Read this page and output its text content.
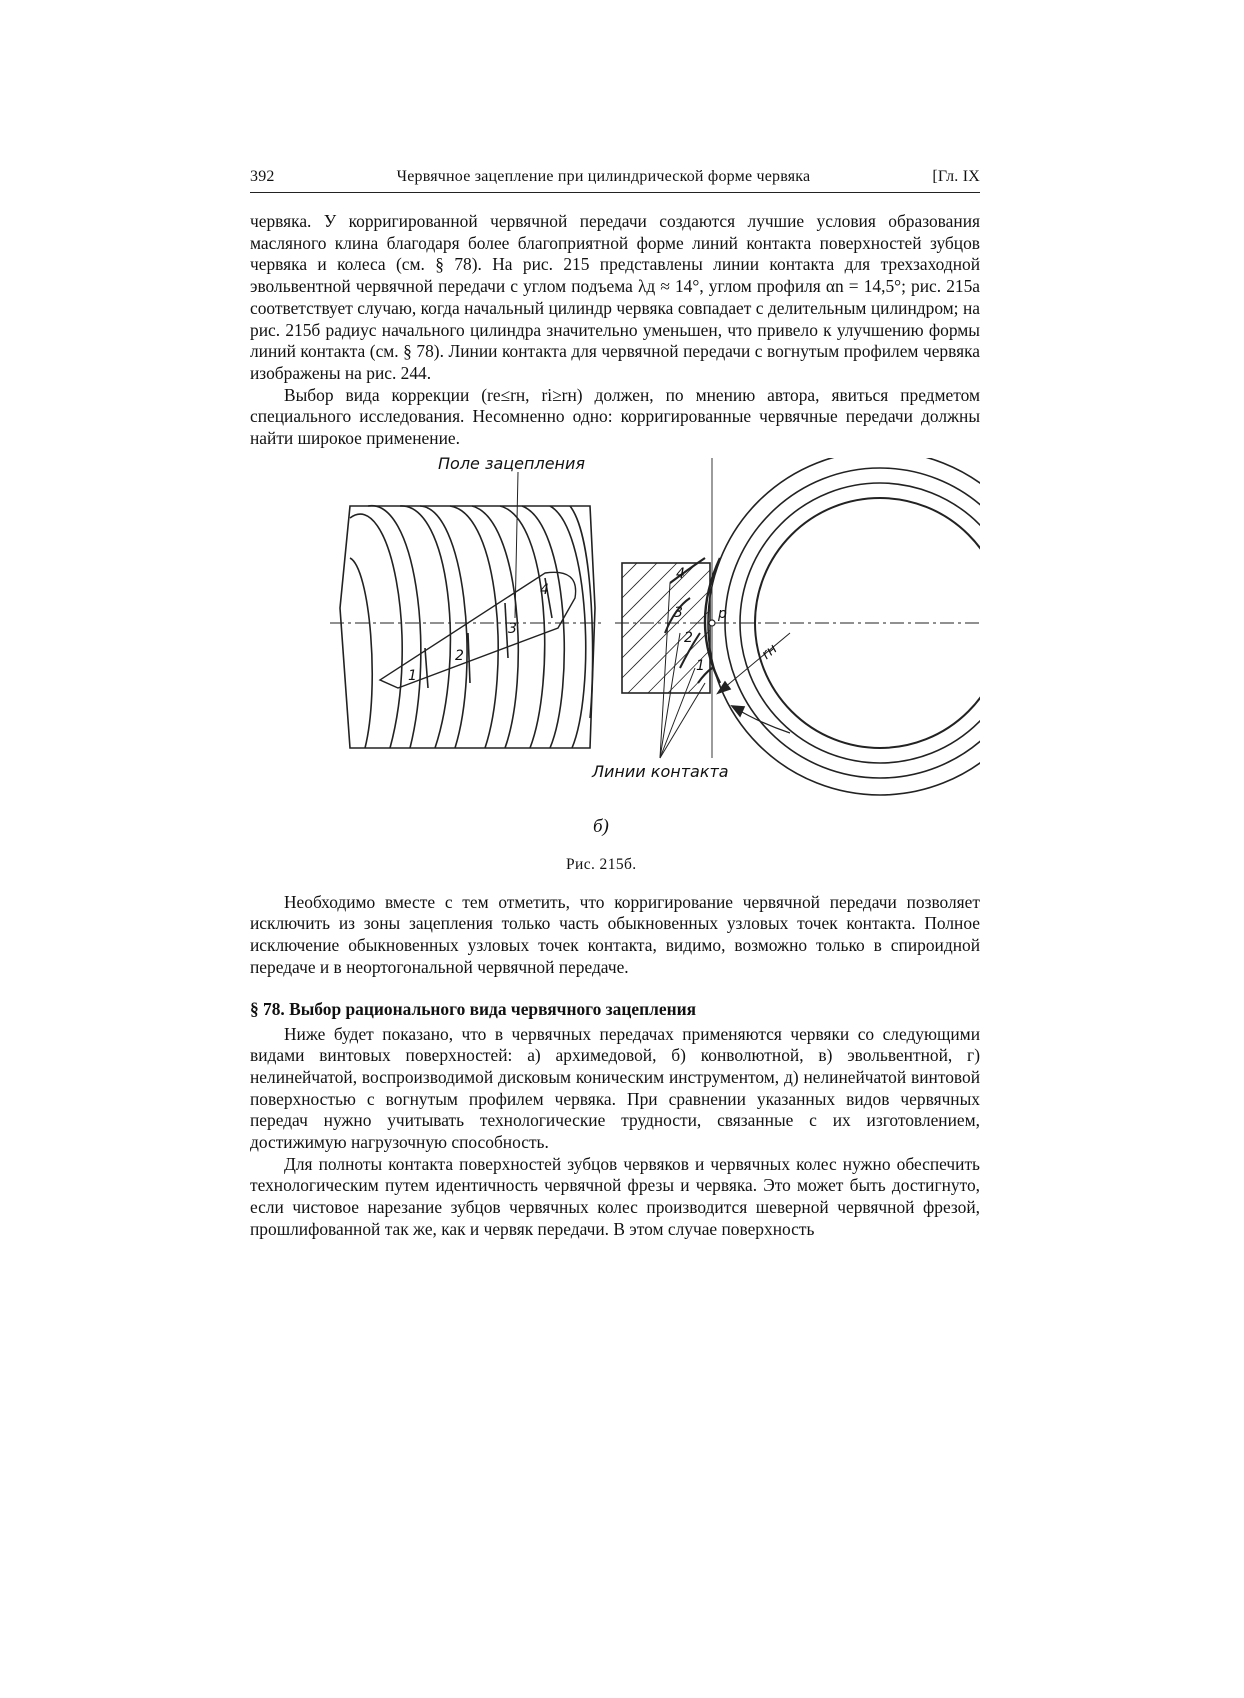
392	Червячное зацепление при цилиндрической форме червяка	[Гл. IX

червяка. У корригированной червячной передачи создаются лучшие условия образования масляного клина благодаря более благоприятной форме линий контакта поверхностей зубцов червяка и колеса (см. § 78). На рис. 215 представлены линии контакта для трехзаходной эвольвентной червячной передачи с углом подъема λд ≈ 14°, углом профиля αn = 14,5°; рис. 215а соответствует случаю, когда начальный цилиндр червяка совпадает с делительным цилиндром; на рис. 215б радиус начального цилиндра значительно уменьшен, что привело к улучшению формы линий контакта (см. § 78). Линии контакта для червячной передачи с вогнутым профилем червяка изображены на рис. 244.

Выбор вида коррекции (re≤rн, ri≥rн) должен, по мнению автора, явиться предметом специального исследования. Несомненно одно: корригированные червячные передачи должны найти широкое применение.

Поле зацепления
Линии контакта
p
rн
1
2
3
4
4
3
2
1
б)
Рис. 215б.

Необходимо вместе с тем отметить, что корригирование червячной передачи позволяет исключить из зоны зацепления только часть обыкновенных узловых точек контакта. Полное исключение обыкновенных узловых точек контакта, видимо, возможно только в спироидной передаче и в неортогональной червячной передаче.

§ 78. Выбор рационального вида червячного зацепления

Ниже будет показано, что в червячных передачах применяются червяки со следующими видами винтовых поверхностей: а) архимедовой, б) конволютной, в) эвольвентной, г) нелинейчатой, воспроизводимой дисковым коническим инструментом, д) нелинейчатой винтовой поверхностью с вогнутым профилем червяка. При сравнении указанных видов червячных передач нужно учитывать технологические трудности, связанные с их изготовлением, достижимую нагрузочную способность.

Для полноты контакта поверхностей зубцов червяков и червячных колес нужно обеспечить технологическим путем идентичность червячной фрезы и червяка. Это может быть достигнуто, если чистовое нарезание зубцов червячных колес производится шеверной червячной фрезой, прошлифованной так же, как и червяк передачи. В этом случае поверхность
